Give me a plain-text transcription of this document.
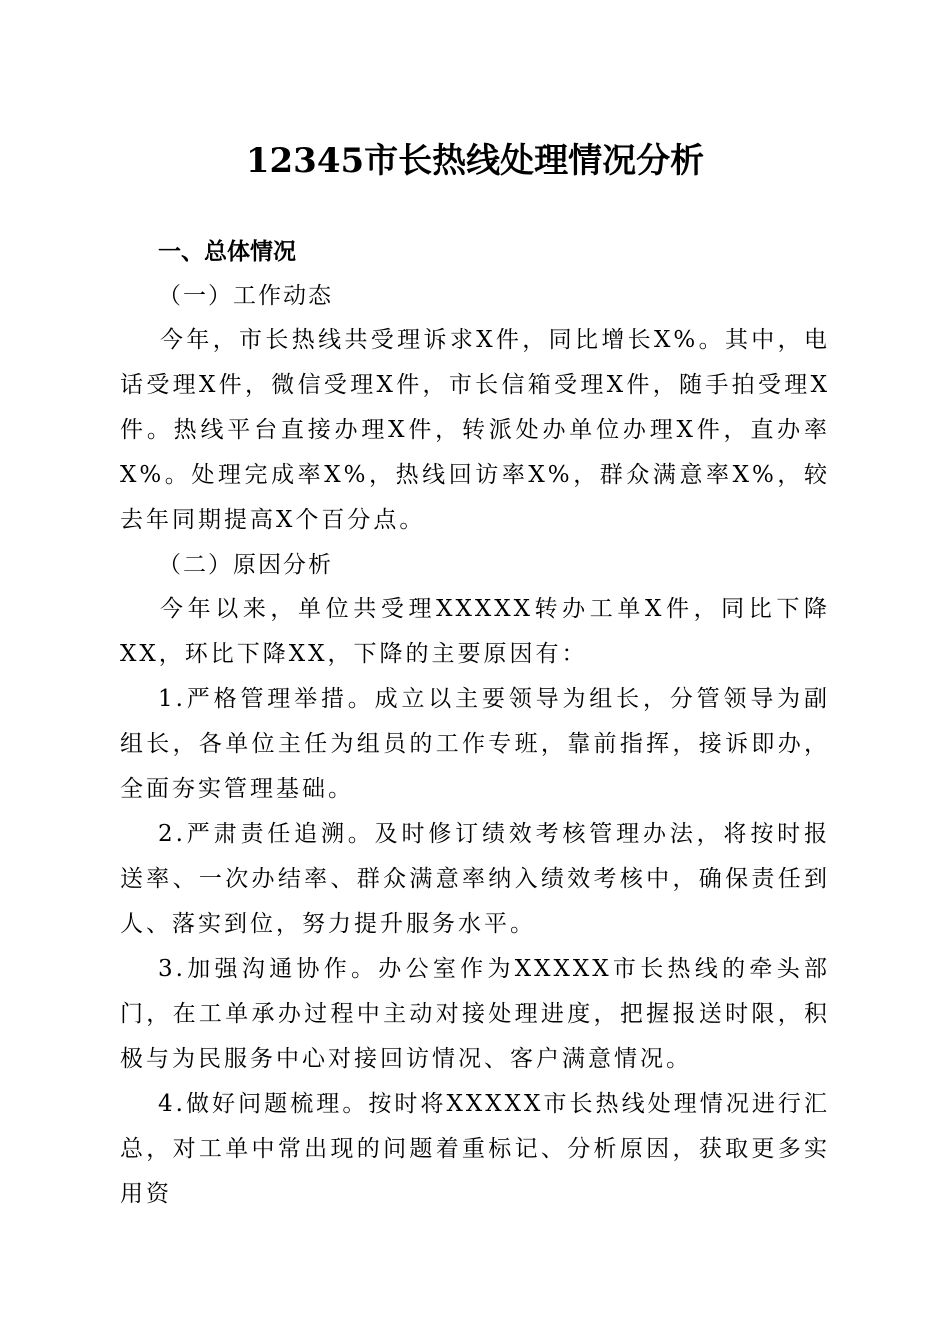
12345市长热线处理情况分析

一、总体情况

（一）工作动态

今年，市长热线共受理诉求X件，同比增长X%。其中，电话受理X件，微信受理X件，市长信箱受理X件，随手拍受理X件。热线平台直接办理X件，转派处办单位办理X件，直办率X%。处理完成率X%，热线回访率X%，群众满意率X%，较去年同期提高X个百分点。

（二）原因分析

今年以来，单位共受理XXXXX转办工单X件，同比下降XX，环比下降XX，下降的主要原因有：

1.严格管理举措。成立以主要领导为组长，分管领导为副组长，各单位主任为组员的工作专班，靠前指挥，接诉即办，全面夯实管理基础。

2.严肃责任追溯。及时修订绩效考核管理办法，将按时报送率、一次办结率、群众满意率纳入绩效考核中，确保责任到人、落实到位，努力提升服务水平。

3.加强沟通协作。办公室作为XXXXX市长热线的牵头部门，在工单承办过程中主动对接处理进度，把握报送时限，积极与为民服务中心对接回访情况、客户满意情况。

4.做好问题梳理。按时将XXXXX市长热线处理情况进行汇总，对工单中常出现的问题着重标记、分析原因，获取更多实用资
